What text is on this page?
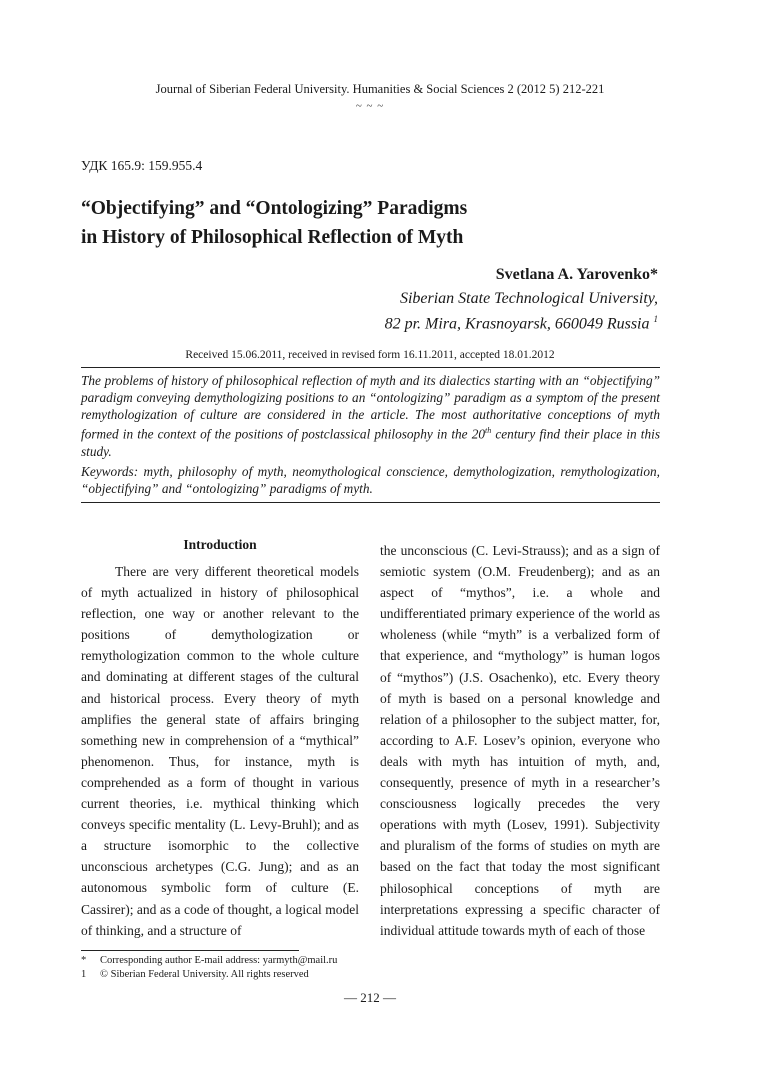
Journal of Siberian Federal University. Humanities & Social Sciences 2 (2012 5) 212-221
~ ~ ~
УДК 165.9: 159.955.4
“Objectifying” and “Ontologizing” Paradigms
in History of Philosophical Reflection of Myth
Svetlana A. Yarovenko*
Siberian State Technological University,
82 pr. Mira, Krasnoyarsk, 660049 Russia $^1$
Received 15.06.2011, received in revised form 16.11.2011, accepted 18.01.2012
The problems of history of philosophical reflection of myth and its dialectics starting with an “objectifying” paradigm conveying demythologizing positions to an “ontologizing” paradigm as a symptom of the present remythologization of culture are considered in the article. The most authoritative conceptions of myth formed in the context of the positions of postclassical philosophy in the 20th century find their place in this study.
Keywords: myth, philosophy of myth, neomythological conscience, demythologization, remythologization, “objectifying” and “ontologizing” paradigms of myth.
Introduction

There are very different theoretical models of myth actualized in history of philosophical reflection, one way or another relevant to the positions of demythologization or remythologization common to the whole culture and dominating at different stages of the cultural and historical process. Every theory of myth amplifies the general state of affairs bringing something new in comprehension of a “mythical” phenomenon. Thus, for instance, myth is comprehended as a form of thought in various current theories, i.e. mythical thinking which conveys specific mentality (L. Levy-Bruhl); and as a structure isomorphic to the collective unconscious archetypes (C.G. Jung); and as an autonomous symbolic form of culture (E. Cassirer); and as a code of thought, a logical model of thinking, and a structure of

the unconscious (C. Levi-Strauss); and as a sign of semiotic system (O.M. Freudenberg); and as an aspect of “mythos”, i.e. a whole and undifferentiated primary experience of the world as wholeness (while “myth” is a verbalized form of that experience, and “mythology” is human logos of “mythos”) (J.S. Osachenko), etc. Every theory of myth is based on a personal knowledge and relation of a philosopher to the subject matter, for, according to A.F. Losev’s opinion, everyone who deals with myth has intuition of myth, and, consequently, presence of myth in a researcher’s consciousness logically precedes the very operations with myth (Losev, 1991). Subjectivity and pluralism of the forms of studies on myth are based on the fact that today the most significant philosophical conceptions of myth are interpretations expressing a specific character of individual attitude towards myth of each of those

* Corresponding author E-mail address: yarmyth@mail.ru
1 © Siberian Federal University. All rights reserved
— 212 —
